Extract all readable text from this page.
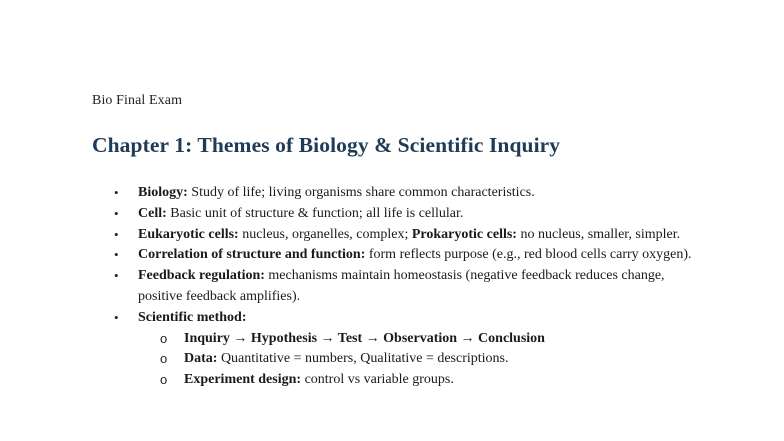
Bio Final Exam
Chapter 1: Themes of Biology & Scientific Inquiry
• Biology: Study of life; living organisms share common characteristics.
• Cell: Basic unit of structure & function; all life is cellular.
• Eukaryotic cells: nucleus, organelles, complex; Prokaryotic cells: no nucleus, smaller, simpler.
• Correlation of structure and function: form reflects purpose (e.g., red blood cells carry oxygen).
• Feedback regulation: mechanisms maintain homeostasis (negative feedback reduces change, positive feedback amplifies).
• Scientific method:
o Inquiry → Hypothesis → Test → Observation → Conclusion
o Data: Quantitative = numbers, Qualitative = descriptions.
o Experiment design: control vs variable groups.
